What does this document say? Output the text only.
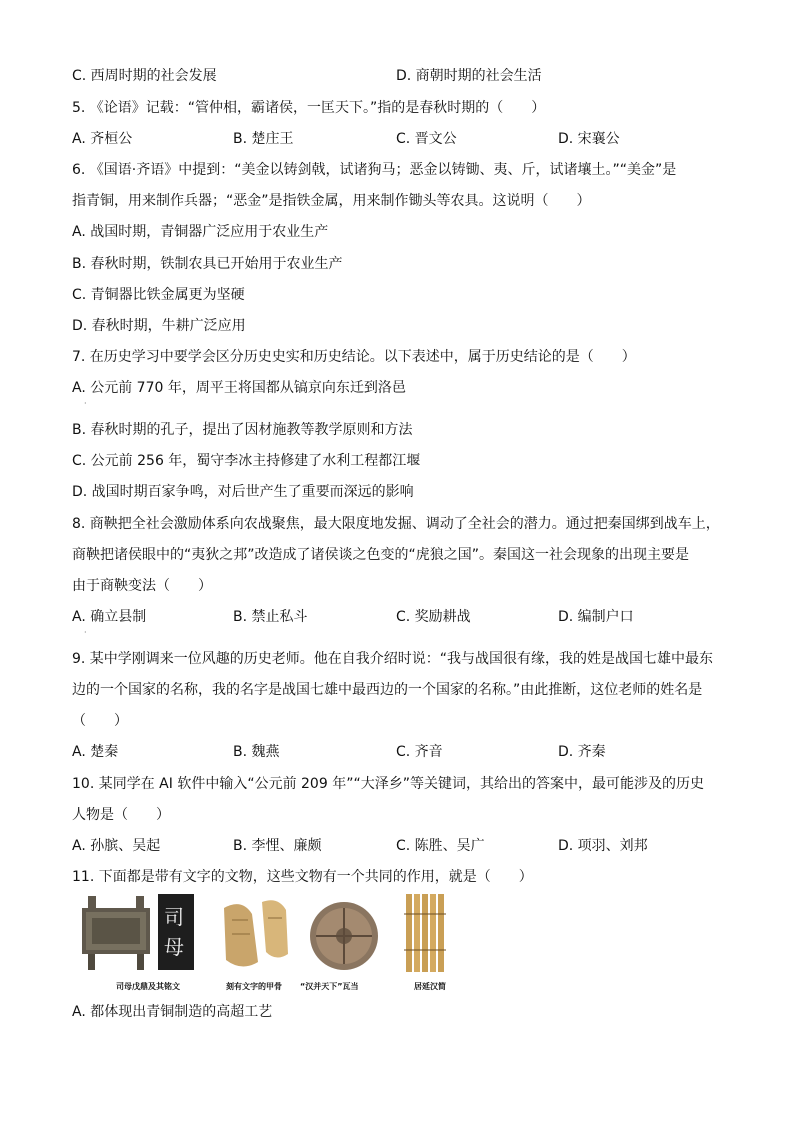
C. 西周时期的社会发展	D. 商朝时期的社会生活
5. 《论语》记载：“管仲相，霸诸侯，一匡天下。”指的是春秋时期的（　　）
A. 齐桓公	B. 楚庄王	C. 晋文公	D. 宋襄公
6. 《国语·齐语》中提到：“美金以铸剑戟，试诸狗马；恶金以铸锄、夷、斤，试诸壤土。”“美金”是
指青铜，用来制作兵器；“恶金”是指铁金属，用来制作锄头等农具。这说明（　　）
A. 战国时期，青铜器广泛应用于农业生产
B. 春秋时期，铁制农具已开始用于农业生产
C. 青铜器比铁金属更为坚硬
D. 春秋时期，牛耕广泛应用
7. 在历史学习中要学会区分历史史实和历史结论。以下表述中，属于历史结论的是（　　）
A. 公元前 770 年，周平王将国都从镐京向东迁到洛邑
·
B. 春秋时期的孔子，提出了因材施教等教学原则和方法
C. 公元前 256 年，蜀守李冰主持修建了水利工程都江堰
D. 战国时期百家争鸣，对后世产生了重要而深远的影响
8. 商鞅把全社会激励体系向农战聚焦，最大限度地发掘、调动了全社会的潜力。通过把秦国绑到战车上，
商鞅把诸侯眼中的“夷狄之邦”改造成了诸侯谈之色变的“虎狼之国”。秦国这一社会现象的出现主要是
由于商鞅变法（　　）
A. 确立县制	B. 禁止私斗	C. 奖励耕战	D. 编制户口
·
9. 某中学刚调来一位风趣的历史老师。他在自我介绍时说：“我与战国很有缘，我的姓是战国七雄中最东
边的一个国家的名称，我的名字是战国七雄中最西边的一个国家的名称。”由此推断，这位老师的姓名是
（　　）
A. 楚秦	B. 魏燕	C. 齐音	D. 齐秦
10. 某同学在 AI 软件中输入“公元前 209 年”“大泽乡”等关键词，其给出的答案中，最可能涉及的历史
人物是（　　）
A. 孙膑、吴起	B. 李悝、廉颇	C. 陈胜、吴广	D. 项羽、刘邦
11. 下面都是带有文字的文物，这些文物有一个共同的作用，就是（　　）
司
母
司母戊鼎及其铭文	刻有文字的甲骨 “汉并天下”瓦当	居延汉简
A. 都体现出青铜制造的高超工艺
